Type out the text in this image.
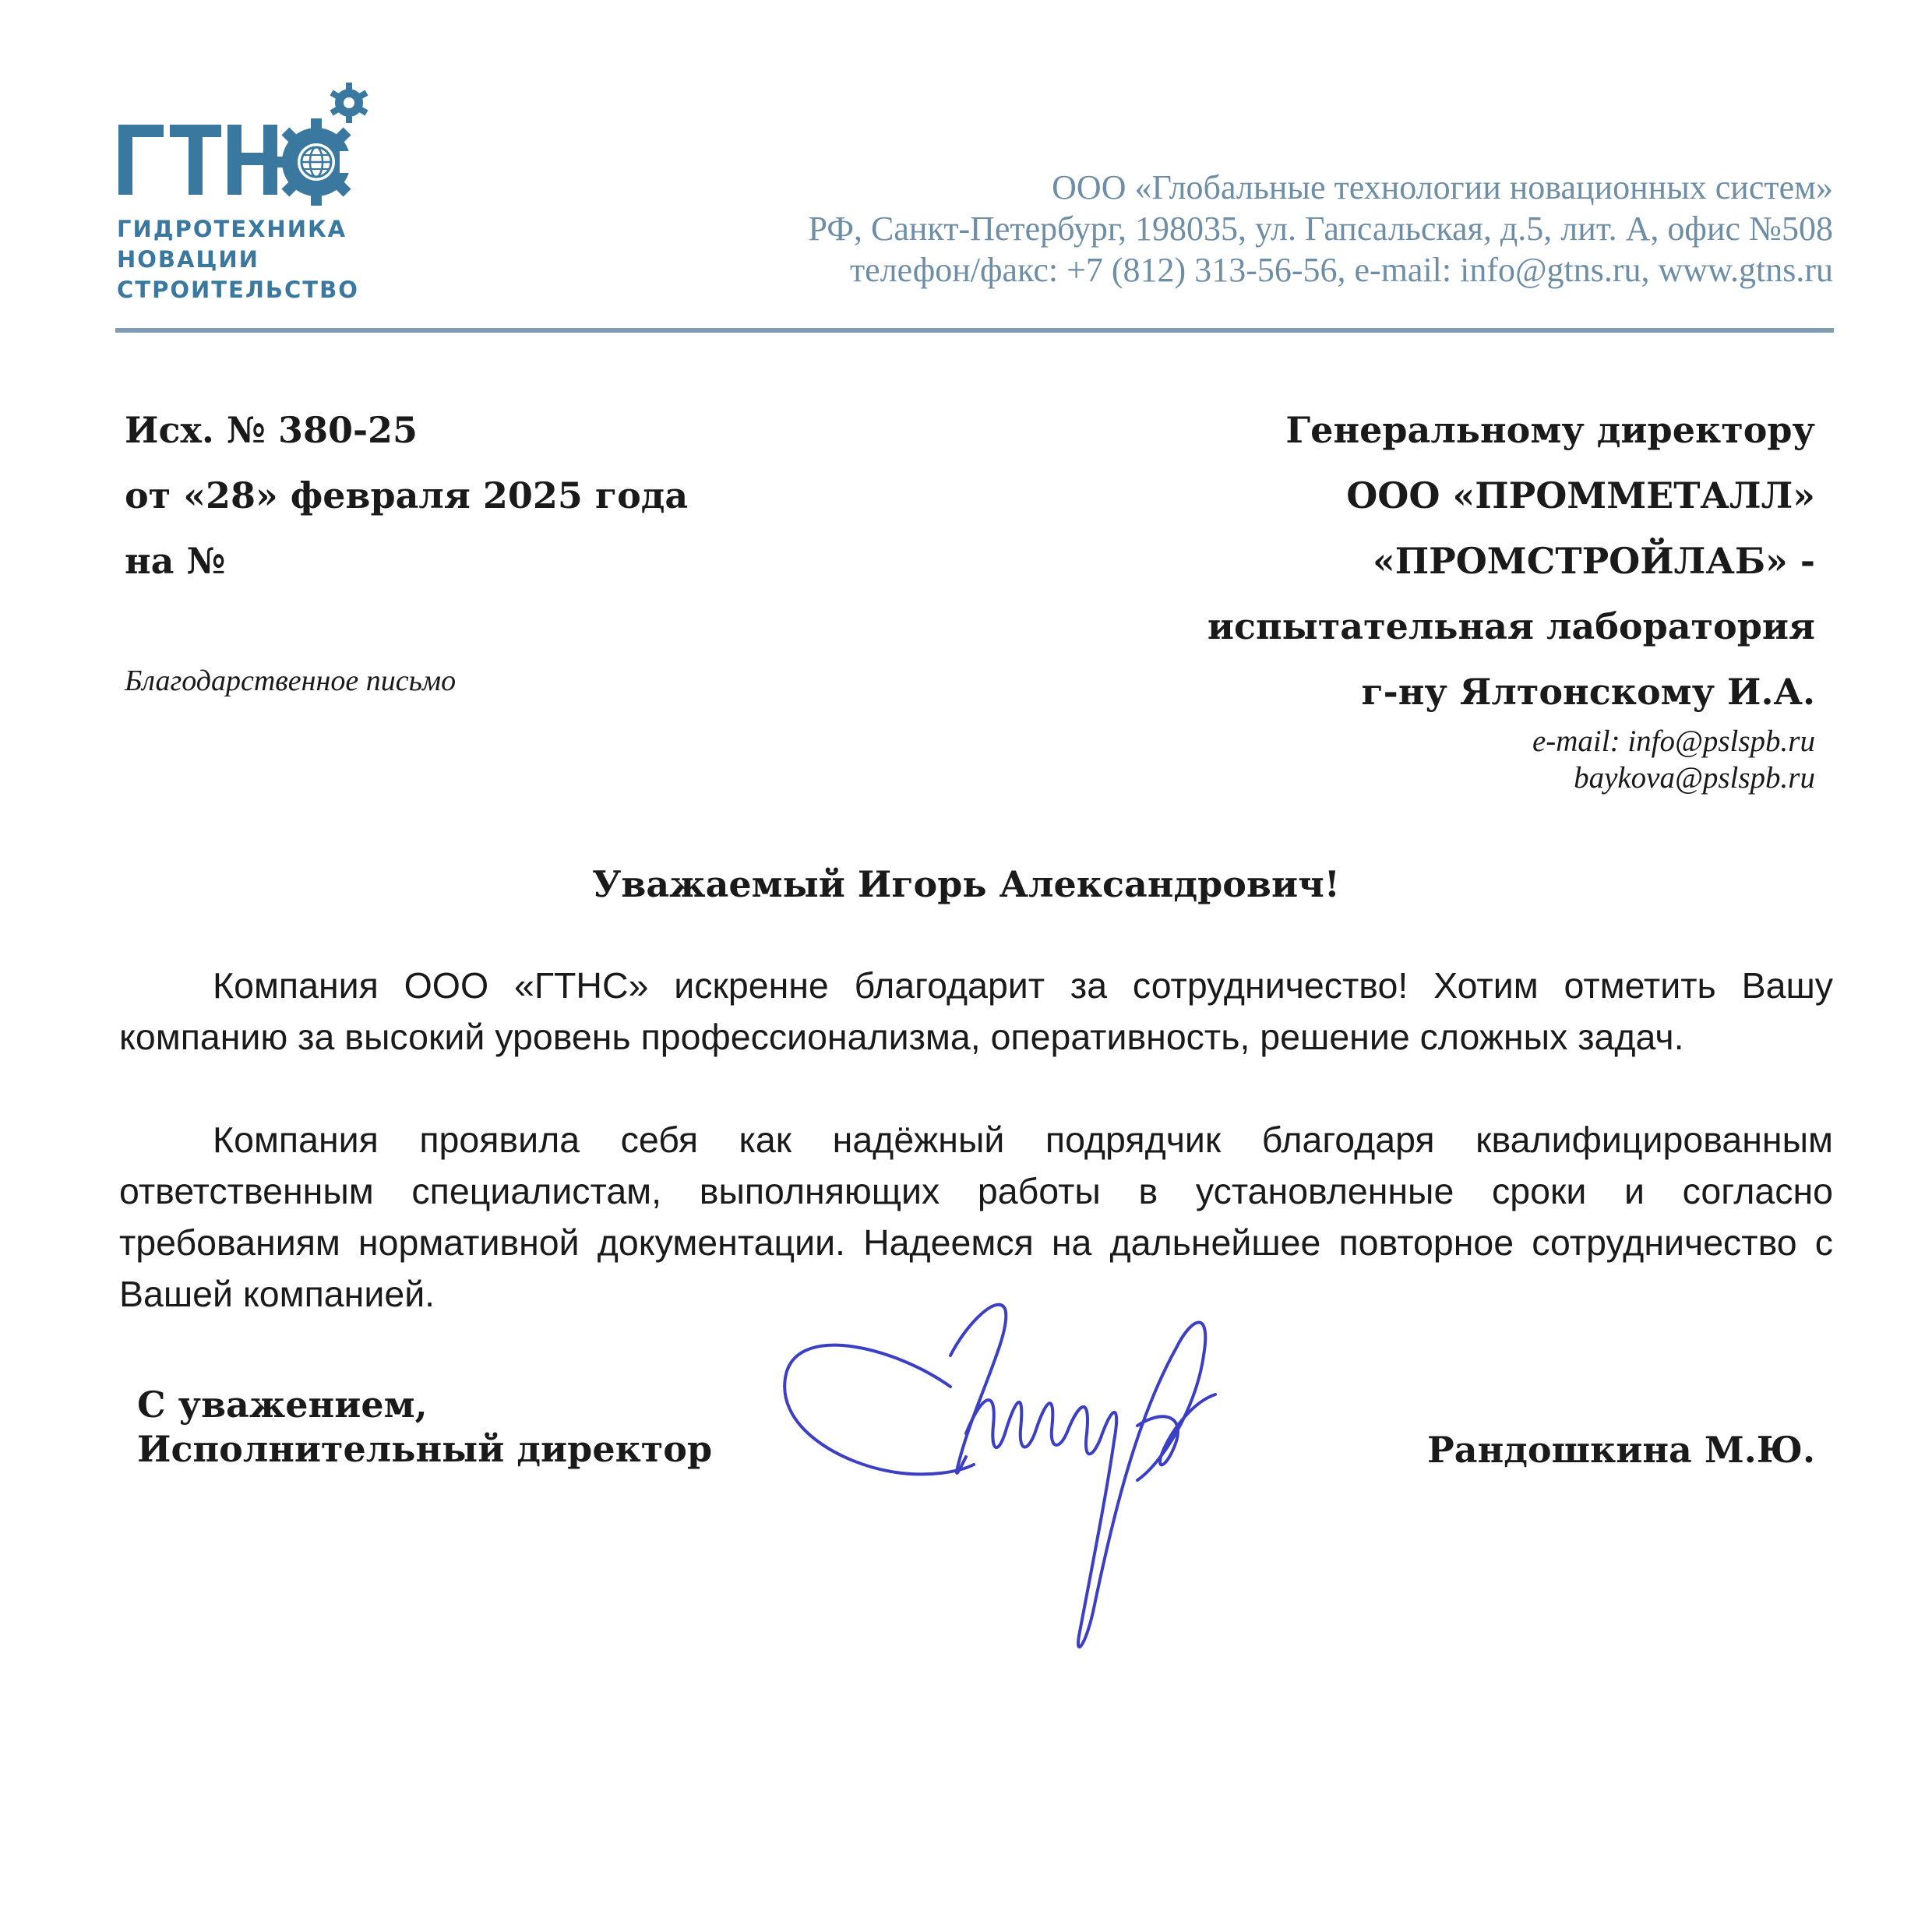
ГИДРОТЕХНИКА
НОВАЦИИ
СТРОИТЕЛЬСТВО
ООО «Глобальные технологии новационных систем»
РФ, Санкт-Петербург, 198035, ул. Гапсальская, д.5, лит. А, офис №508
телефон/факс: +7 (812) 313-56-56, e-mail: info@gtns.ru, www.gtns.ru
Исх. № 380-25
от «28» февраля 2025 года
на №
Благодарственное письмо
Генеральному директору
ООО «ПРОММЕТАЛЛ»
«ПРОМСТРОЙЛАБ» -
испытательная лаборатория
г-ну Ялтонскому И.А.
e-mail: info@pslspb.ru
baykova@pslspb.ru
Уважаемый Игорь Александрович!
Компания ООО «ГТНС» искренне благодарит за сотрудничество! Хотим отметить Вашу компанию за высокий уровень профессионализма, оперативность, решение сложных задач.
Компания проявила себя как надёжный подрядчик благодаря квалифицированным ответственным специалистам, выполняющих работы в установленные сроки и согласно требованиям нормативной документации. Надеемся на дальнейшее повторное сотрудничество с Вашей компанией.
С уважением,
Исполнительный директор	Рандошкина М.Ю.
